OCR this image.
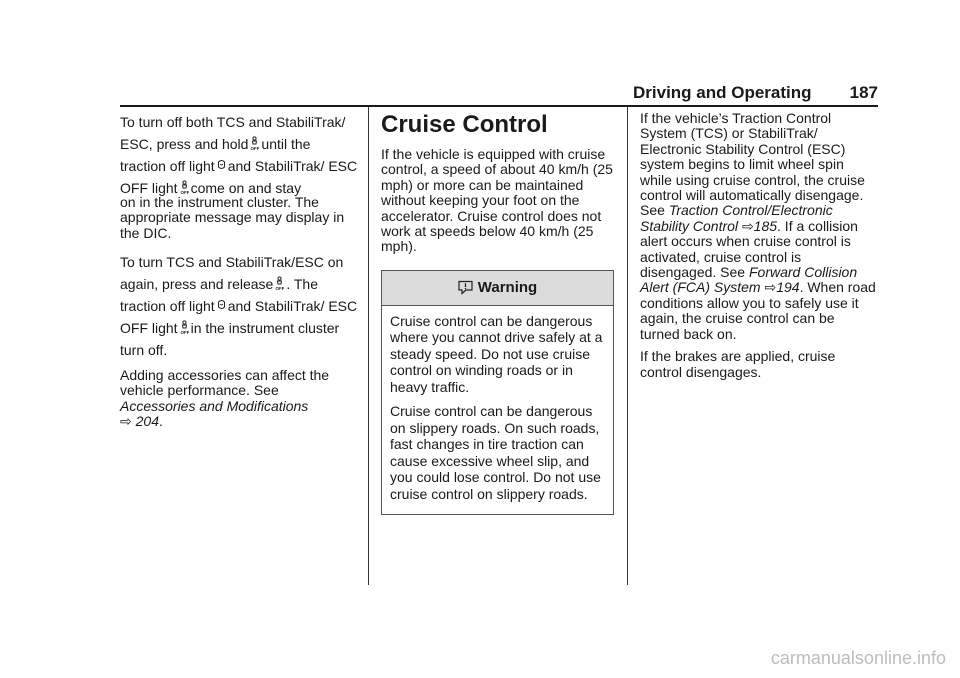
Driving and Operating 187

To turn off both TCS and StabiliTrak/ ESC, press and hold OFF until the traction off light and StabiliTrak/ ESC OFF light OFF come on and stay
on in the instrument cluster. The appropriate message may display in the DIC.

To turn TCS and StabiliTrak/ESC on again, press and release OFF . The traction off light and StabiliTrak/ ESC OFF light OFF in the instrument cluster turn off.

Adding accessories can affect the vehicle performance. See Accessories and Modifications
⇨ 204.

Cruise Control

If the vehicle is equipped with cruise control, a speed of about 40 km/h (25 mph) or more can be maintained without keeping your foot on the accelerator. Cruise control does not work at speeds below 40 km/h (25 mph).

Warning

Cruise control can be dangerous where you cannot drive safely at a steady speed. Do not use cruise control on winding roads or in heavy traffic.

Cruise control can be dangerous on slippery roads. On such roads, fast changes in tire traction can cause excessive wheel slip, and you could lose control. Do not use cruise control on slippery roads.

If the vehicle’s Traction Control System (TCS) or StabiliTrak/ Electronic Stability Control (ESC) system begins to limit wheel spin while using cruise control, the cruise control will automatically disengage. See Traction Control/Electronic Stability Control ⇨185. If a collision alert occurs when cruise control is activated, cruise control is disengaged. See Forward Collision Alert (FCA) System ⇨194. When road conditions allow you to safely use it again, the cruise control can be turned back on.

If the brakes are applied, cruise control disengages.

carmanualsonline.info
